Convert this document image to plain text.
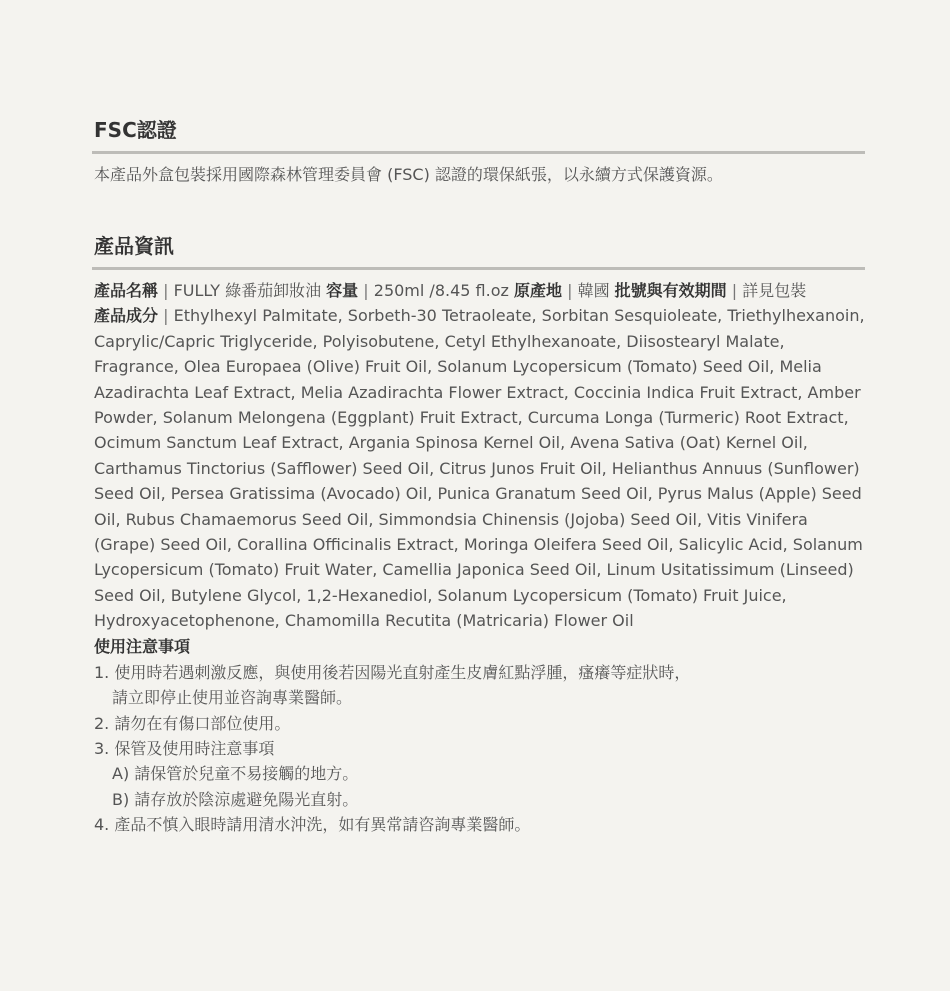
FSC認證

本產品外盒包裝採用國際森林管理委員會 (FSC) 認證的環保紙張，以永續方式保護資源。

產品資訊
產品名稱 | FULLY 綠番茄卸妝油 容量 | 250ml /8.45 fl.oz 原產地 | 韓國 批號與有效期間 | 詳見包裝
產品成分 | Ethylhexyl Palmitate, Sorbeth-30 Tetraoleate, Sorbitan Sesquioleate, Triethylhexanoin, Caprylic/Capric Triglyceride, Polyisobutene, Cetyl Ethylhexanoate, Diisostearyl Malate, Fragrance, Olea Europaea (Olive) Fruit Oil, Solanum Lycopersicum (Tomato) Seed Oil, Melia Azadirachta Leaf Extract, Melia Azadirachta Flower Extract, Coccinia Indica Fruit Extract, Amber Powder, Solanum Melongena (Eggplant) Fruit Extract, Curcuma Longa (Turmeric) Root Extract, Ocimum Sanctum Leaf Extract, Argania Spinosa Kernel Oil, Avena Sativa (Oat) Kernel Oil, Carthamus Tinctorius (Safflower) Seed Oil, Citrus Junos Fruit Oil, Helianthus Annuus (Sunflower) Seed Oil, Persea Gratissima (Avocado) Oil, Punica Granatum Seed Oil, Pyrus Malus (Apple) Seed Oil, Rubus Chamaemorus Seed Oil, Simmondsia Chinensis (Jojoba) Seed Oil, Vitis Vinifera (Grape) Seed Oil, Corallina Officinalis Extract, Moringa Oleifera Seed Oil, Salicylic Acid, Solanum Lycopersicum (Tomato) Fruit Water, Camellia Japonica Seed Oil, Linum Usitatissimum (Linseed) Seed Oil, Butylene Glycol, 1,2-Hexanediol, Solanum Lycopersicum (Tomato) Fruit Juice, Hydroxyacetophenone, Chamomilla Recutita (Matricaria) Flower Oil
使用注意事項
1. 使用時若遇刺激反應，與使用後若因陽光直射產生皮膚紅點浮腫，瘙癢等症狀時，
請立即停止使用並咨詢專業醫師。
2. 請勿在有傷口部位使用。
3. 保管及使用時注意事項
A) 請保管於兒童不易接觸的地方。
B) 請存放於陰涼處避免陽光直射。
4. 產品不慎入眼時請用清水沖洗，如有異常請咨詢專業醫師。
